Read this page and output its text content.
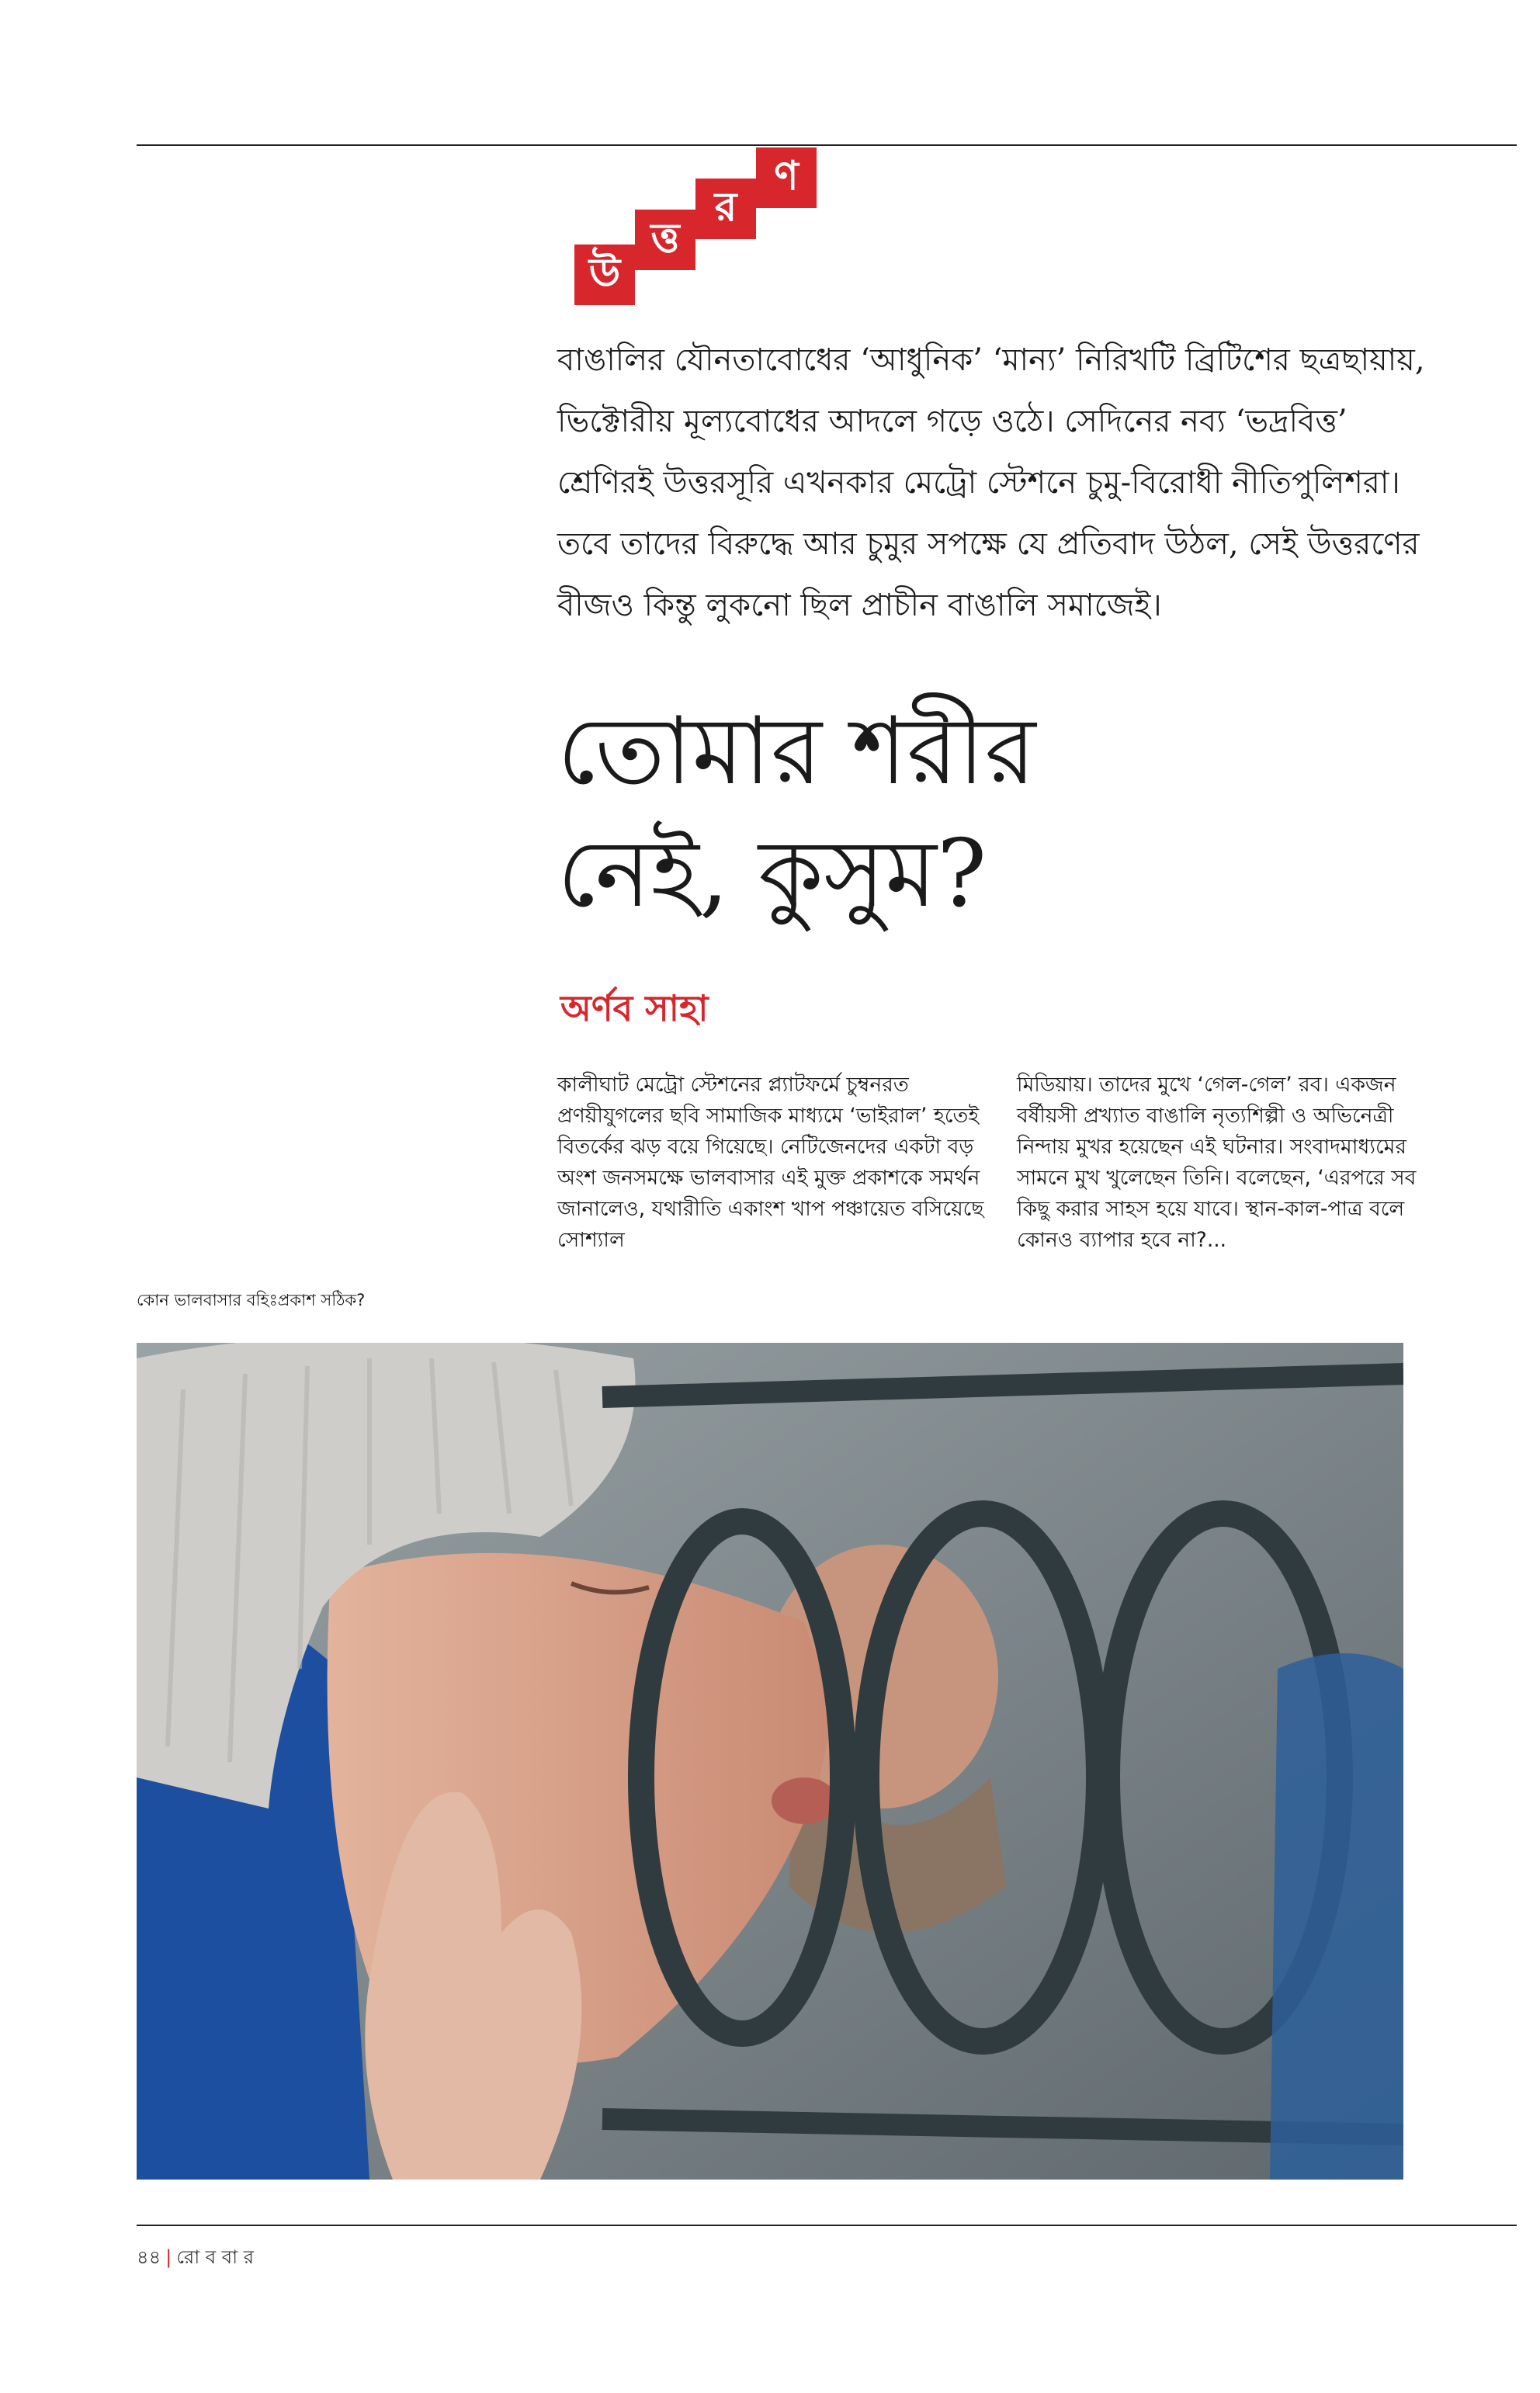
উ
ত্ত
র
ণ
বাঙালির যৌনতাবোধের ‘আধুনিক’ ‘মান্য’ নিরিখটি ব্রিটিশের ছত্রছায়ায়, ভিক্টোরীয় মূল্যবোধের আদলে গড়ে ওঠে। সেদিনের নব্য ‘ভদ্রবিত্ত’ শ্রেণিরই উত্তরসূরি এখনকার মেট্রো স্টেশনে চুমু-বিরোধী নীতিপুলিশরা। তবে তাদের বিরুদ্ধে আর চুমুর সপক্ষে যে প্রতিবাদ উঠল, সেই উত্তরণের বীজও কিন্তু লুকনো ছিল প্রাচীন বাঙালি সমাজেই।
তোমার শরীর
নেই, কুসুম?
অর্ণব সাহা
কালীঘাট মেট্রো স্টেশনের প্ল্যাটফর্মে চুম্বনরত প্রণয়ীযুগলের ছবি সামাজিক মাধ্যমে ‘ভাইরাল’ হতেই বিতর্কের ঝড় বয়ে গিয়েছে। নেটিজেনদের একটা বড় অংশ জনসমক্ষে ভালবাসার এই মুক্ত প্রকাশকে সমর্থন জানালেও, যথারীতি একাংশ খাপ পঞ্চায়েত বসিয়েছে সোশ্যাল
মিডিয়ায়। তাদের মুখে ‘গেল-গেল’ রব। একজন বর্ষীয়সী প্রখ্যাত বাঙালি নৃত্যশিল্পী ও অভিনেত্রী নিন্দায় মুখর হয়েছেন এই ঘটনার। সংবাদমাধ্যমের সামনে মুখ খুলেছেন তিনি। বলেছেন, ‘এরপরে সব কিছু করার সাহস হয়ে যাবে। স্থান-কাল-পাত্র বলে কোনও ব্যাপার হবে না?...
কোন ভালবাসার বহিঃপ্রকাশ সঠিক?
৪৪ | রো ব বা র
